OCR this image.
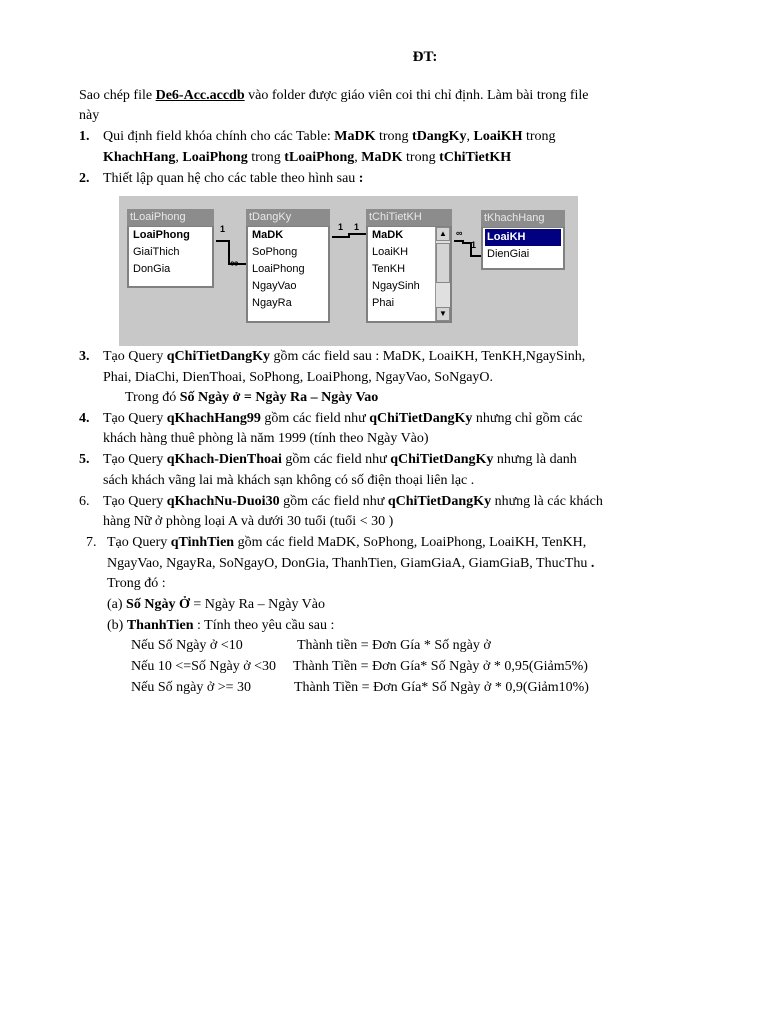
ĐT:
Sao chép file De6-Acc.accdb vào folder được giáo viên coi thi chỉ định. Làm bài trong file
này
1. Qui định field khóa chính cho các Table: MaDK trong tDangKy, LoaiKH trong
KhachHang, LoaiPhong trong tLoaiPhong, MaDK trong tChiTietKH
2. Thiết lập quan hệ cho các table theo hình sau :
tLoaiPhong
LoaiPhong
GiaiThich
DonGia
tDangKy
MaDK
SoPhong
LoaiPhong
NgayVao
NgayRa
tChiTietKH
MaDK
LoaiKH
TenKH
NgaySinh
Phai
▲
▼
tKhachHang
LoaiKH
DienGiai
1
∞
1 1
∞
1
3. Tạo Query qChiTietDangKy gồm các field sau : MaDK, LoaiKH, TenKH,NgaySinh,
Phai, DiaChi, DienThoai, SoPhong, LoaiPhong, NgayVao, SoNgayO.
Trong đó Số Ngày ở = Ngày Ra – Ngày Vao
4. Tạo Query qKhachHang99 gồm các field như qChiTietDangKy nhưng chỉ gồm các
khách hàng thuê phòng là năm 1999 (tính theo Ngày Vào)
5. Tạo Query qKhach-DienThoai gồm các field như qChiTietDangKy nhưng là danh
sách khách vãng lai mà khách sạn không có số điện thoại liên lạc .
6. Tạo Query qKhachNu-Duoi30 gồm các field như qChiTietDangKy nhưng là các khách
hàng Nữ ở phòng loại A và dưới 30 tuổi (tuổi < 30 )
7. Tạo Query qTinhTien gồm các field MaDK, SoPhong, LoaiPhong, LoaiKH, TenKH,
NgayVao, NgayRa, SoNgayO, DonGia, ThanhTien, GiamGiaA, GiamGiaB, ThucThu .
Trong đó :
(a) Số Ngày Ở = Ngày Ra – Ngày Vào
(b) ThanhTien : Tính theo yêu cầu sau :
Nếu Số Ngày ở <10	Thành tiền = Đơn Gía * Số ngày ở
Nếu 10 <=Số Ngày ở <30 Thành Tiền = Đơn Gía* Số Ngày ở * 0,95(Giảm5%)
Nếu Số ngày ở >= 30	Thành Tiền = Đơn Gía* Số Ngày ở * 0,9(Giảm10%)
